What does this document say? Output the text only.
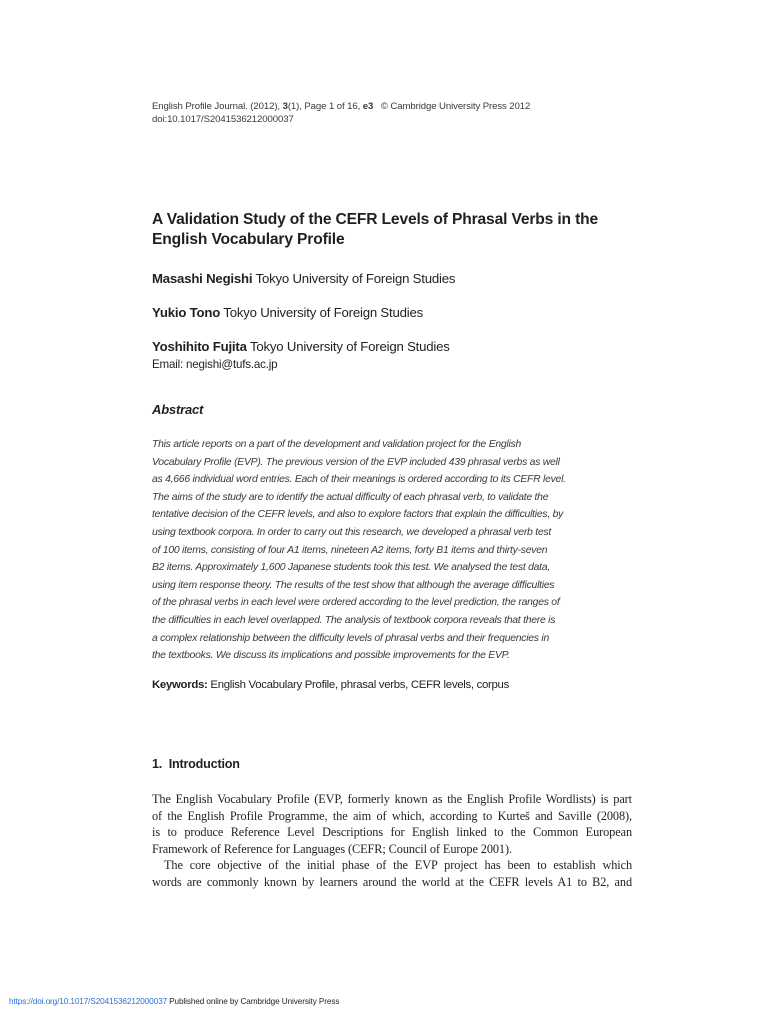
English Profile Journal. (2012), 3(1), Page 1 of 16, e3   © Cambridge University Press 2012
doi:10.1017/S2041536212000037
A Validation Study of the CEFR Levels of Phrasal Verbs in the English Vocabulary Profile
Masashi Negishi Tokyo University of Foreign Studies
Yukio Tono Tokyo University of Foreign Studies
Yoshihito Fujita Tokyo University of Foreign Studies
Email: negishi@tufs.ac.jp
Abstract
This article reports on a part of the development and validation project for the English
Vocabulary Profile (EVP). The previous version of the EVP included 439 phrasal verbs as well
as 4,666 individual word entries. Each of their meanings is ordered according to its CEFR level.
The aims of the study are to identify the actual difficulty of each phrasal verb, to validate the
tentative decision of the CEFR levels, and also to explore factors that explain the difficulties, by
using textbook corpora. In order to carry out this research, we developed a phrasal verb test
of 100 items, consisting of four A1 items, nineteen A2 items, forty B1 items and thirty-seven
B2 items. Approximately 1,600 Japanese students took this test. We analysed the test data,
using item response theory. The results of the test show that although the average difficulties
of the phrasal verbs in each level were ordered according to the level prediction, the ranges of
the difficulties in each level overlapped. The analysis of textbook corpora reveals that there is
a complex relationship between the difficulty levels of phrasal verbs and their frequencies in
the textbooks. We discuss its implications and possible improvements for the EVP.
Keywords: English Vocabulary Profile, phrasal verbs, CEFR levels, corpus
1.  Introduction
The English Vocabulary Profile (EVP, formerly known as the English Profile Wordlists) is part
of the English Profile Programme, the aim of which, according to Kurteš and Saville (2008),
is to produce Reference Level Descriptions for English linked to the Common European
Framework of Reference for Languages (CEFR; Council of Europe 2001).
The core objective of the initial phase of the EVP project has been to establish which
words are commonly known by learners around the world at the CEFR levels A1 to B2, and
https://doi.org/10.1017/S2041536212000037 Published online by Cambridge University Press
